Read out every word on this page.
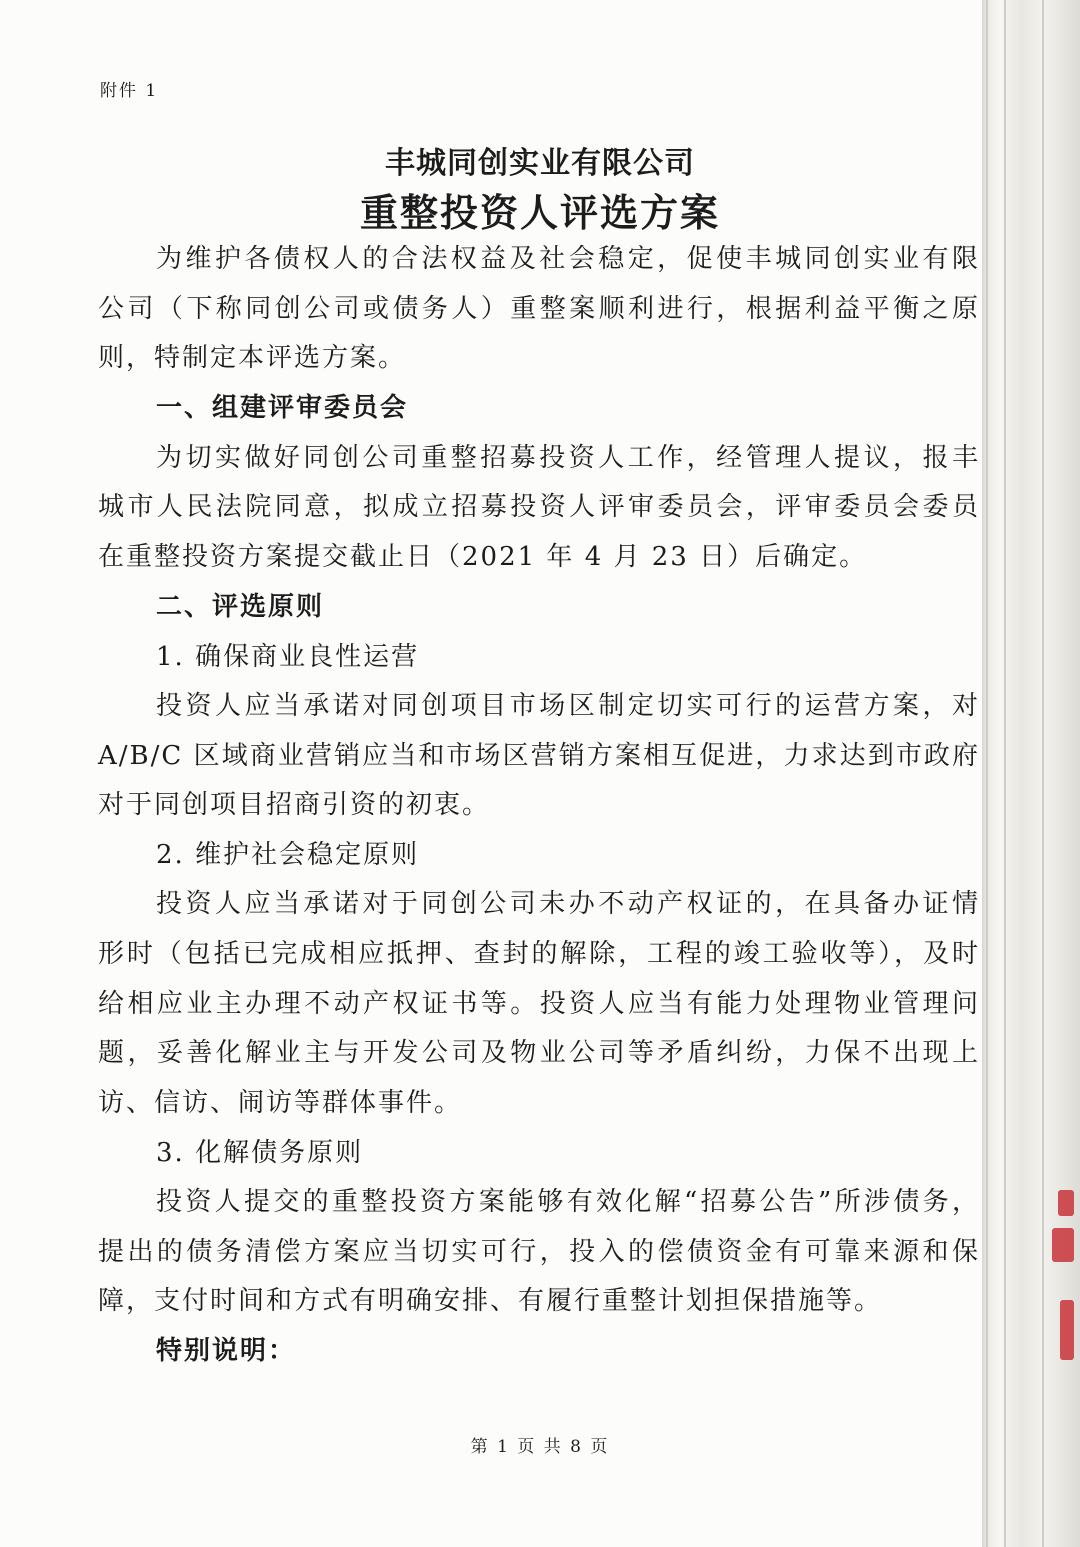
附件 1
丰城同创实业有限公司
重整投资人评选方案
为维护各债权人的合法权益及社会稳定，促使丰城同创实业有限
公司（下称同创公司或债务人）重整案顺利进行，根据利益平衡之原
则，特制定本评选方案。
一、组建评审委员会
为切实做好同创公司重整招募投资人工作，经管理人提议，报丰
城市人民法院同意，拟成立招募投资人评审委员会，评审委员会委员
在重整投资方案提交截止日（2021 年 4 月 23 日）后确定。
二、评选原则
1. 确保商业良性运营
投资人应当承诺对同创项目市场区制定切实可行的运营方案，对
A/B/C 区域商业营销应当和市场区营销方案相互促进，力求达到市政府
对于同创项目招商引资的初衷。
2. 维护社会稳定原则
投资人应当承诺对于同创公司未办不动产权证的，在具备办证情
形时（包括已完成相应抵押、查封的解除，工程的竣工验收等），及时
给相应业主办理不动产权证书等。投资人应当有能力处理物业管理问
题，妥善化解业主与开发公司及物业公司等矛盾纠纷，力保不出现上
访、信访、闹访等群体事件。
3. 化解债务原则
投资人提交的重整投资方案能够有效化解“招募公告”所涉债务，
提出的债务清偿方案应当切实可行，投入的偿债资金有可靠来源和保
障，支付时间和方式有明确安排、有履行重整计划担保措施等。
特别说明：
第 1 页 共 8 页
